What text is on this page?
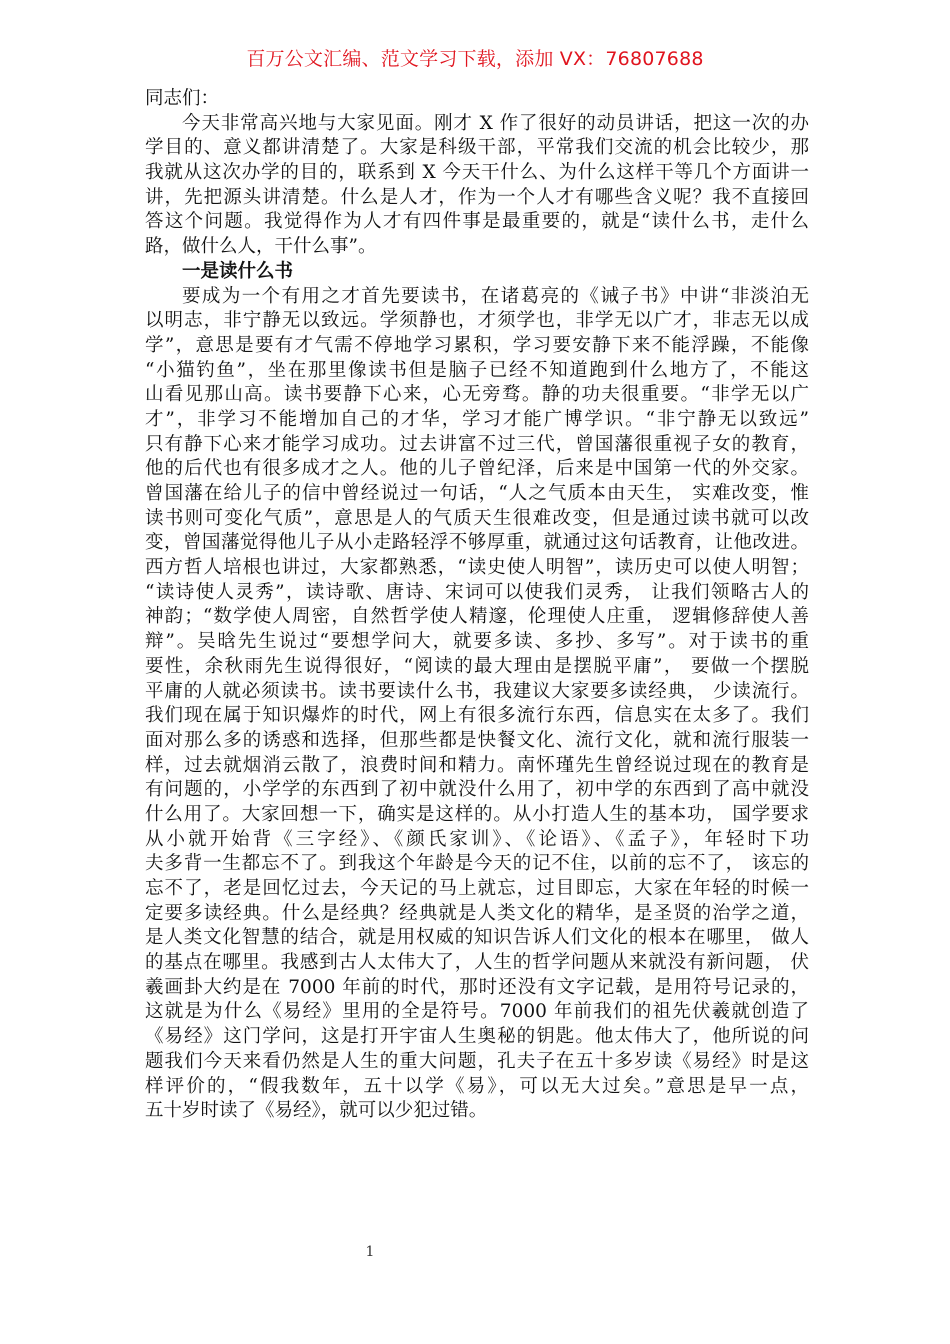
百万公文汇编、范文学习下载，添加 VX：76807688
同志们：
今天非常高兴地与大家见面。刚才 X 作了很好的动员讲话，把这一次的办
学目的、意义都讲清楚了。大家是科级干部，平常我们交流的机会比较少，那
我就从这次办学的目的，联系到 X 今天干什么、为什么这样干等几个方面讲一
讲，先把源头讲清楚。什么是人才，作为一个人才有哪些含义呢？我不直接回
答这个问题。我觉得作为人才有四件事是最重要的，就是“读什么书，走什么
路，做什么人，干什么事”。
一是读什么书
要成为一个有用之才首先要读书，在诸葛亮的《诫子书》中讲“非淡泊无
以明志，非宁静无以致远。学须静也，才须学也，非学无以广才，非志无以成
学”，意思是要有才气需不停地学习累积，学习要安静下来不能浮躁，不能像
“小猫钓鱼”，坐在那里像读书但是脑子已经不知道跑到什么地方了，不能这
山看见那山高。读书要静下心来，心无旁骛。静的功夫很重要。“非学无以广
才”，非学习不能增加自己的才华，学习才能广博学识。“非宁静无以致远”
只有静下心来才能学习成功。过去讲富不过三代，曾国藩很重视子女的教育，
他的后代也有很多成才之人。他的儿子曾纪泽，后来是中国第一代的外交家。
曾国藩在给儿子的信中曾经说过一句话，“人之气质本由天生， 实难改变，惟
读书则可变化气质”，意思是人的气质天生很难改变，但是通过读书就可以改
变，曾国藩觉得他儿子从小走路轻浮不够厚重，就通过这句话教育，让他改进。
西方哲人培根也讲过，大家都熟悉，“读史使人明智”，读历史可以使人明智；
“读诗使人灵秀”，读诗歌、唐诗、宋词可以使我们灵秀， 让我们领略古人的
神韵；“数学使人周密，自然哲学使人精邃，伦理使人庄重， 逻辑修辞使人善
辩”。吴晗先生说过“要想学问大，就要多读、多抄、多写”。对于读书的重
要性，余秋雨先生说得很好，“阅读的最大理由是摆脱平庸”， 要做一个摆脱
平庸的人就必须读书。读书要读什么书，我建议大家要多读经典， 少读流行。
我们现在属于知识爆炸的时代，网上有很多流行东西，信息实在太多了。我们
面对那么多的诱惑和选择，但那些都是快餐文化、流行文化，就和流行服装一
样，过去就烟消云散了，浪费时间和精力。南怀瑾先生曾经说过现在的教育是
有问题的，小学学的东西到了初中就没什么用了，初中学的东西到了高中就没
什么用了。大家回想一下，确实是这样的。从小打造人生的基本功， 国学要求
从小就开始背《三字经》、《颜氏家训》、《论语》、《孟子》，年轻时下功
夫多背一生都忘不了。到我这个年龄是今天的记不住，以前的忘不了， 该忘的
忘不了，老是回忆过去，今天记的马上就忘，过目即忘，大家在年轻的时候一
定要多读经典。什么是经典？经典就是人类文化的精华，是圣贤的治学之道，
是人类文化智慧的结合，就是用权威的知识告诉人们文化的根本在哪里， 做人
的基点在哪里。我感到古人太伟大了，人生的哲学问题从来就没有新问题， 伏
羲画卦大约是在 7000 年前的时代，那时还没有文字记载，是用符号记录的，
这就是为什么《易经》里用的全是符号。7000 年前我们的祖先伏羲就创造了
《易经》这门学问，这是打开宇宙人生奥秘的钥匙。他太伟大了，他所说的问
题我们今天来看仍然是人生的重大问题，孔夫子在五十多岁读《易经》时是这
样评价的，“假我数年，五十以学《易》，可以无大过矣。”意思是早一点，
五十岁时读了《易经》，就可以少犯过错。
1
